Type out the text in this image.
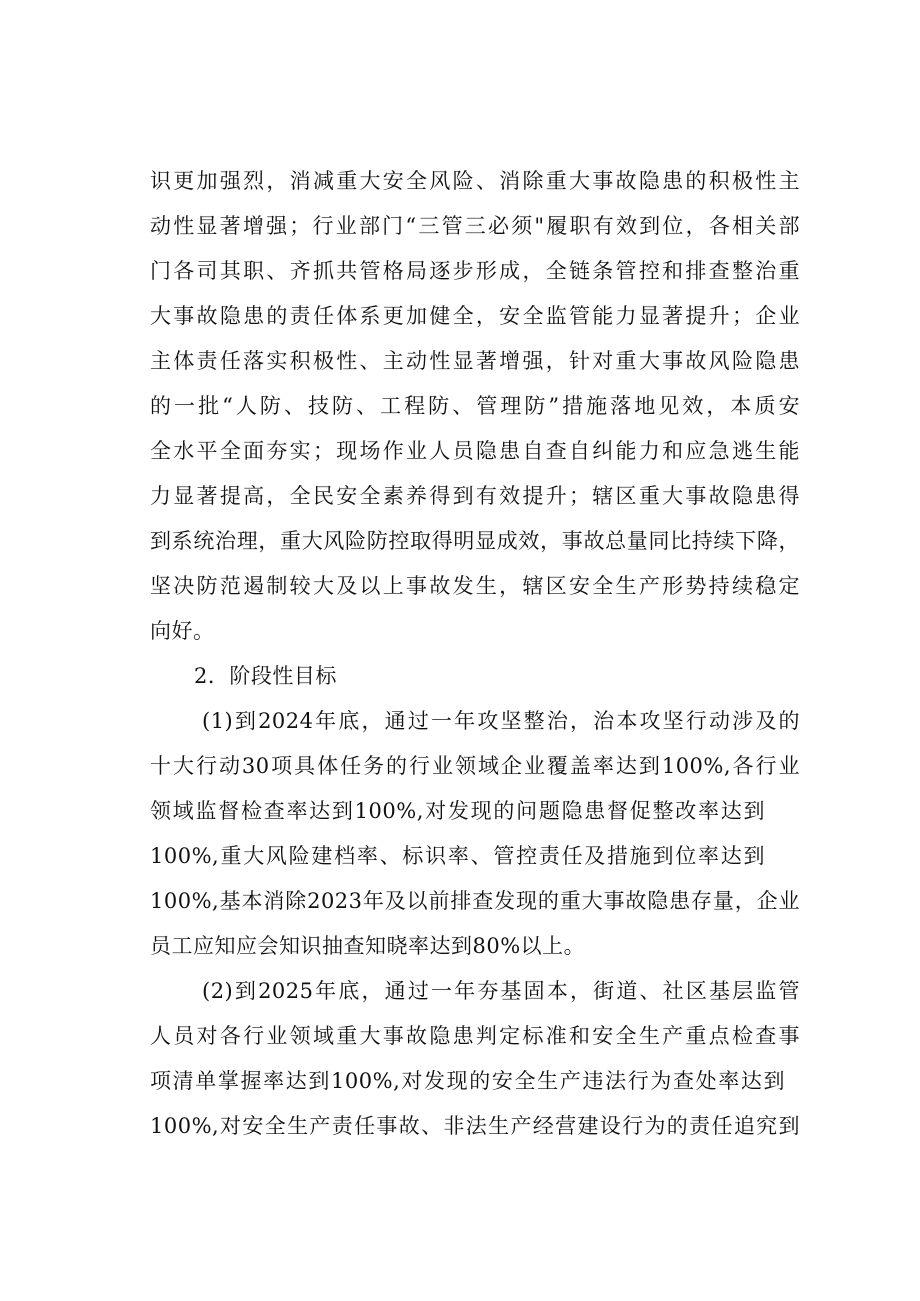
识更加强烈，消减重大安全风险、消除重大事故隐患的积极性主
动性显著增强；行业部门“三管三必须"履职有效到位，各相关部
门各司其职、齐抓共管格局逐步形成，全链条管控和排查整治重
大事故隐患的责任体系更加健全，安全监管能力显著提升；企业
主体责任落实积极性、主动性显著增强，针对重大事故风险隐患
的一批“人防、技防、工程防、管理防”措施落地见效，本质安
全水平全面夯实；现场作业人员隐患自查自纠能力和应急逃生能
力显著提高，全民安全素养得到有效提升；辖区重大事故隐患得
到系统治理，重大风险防控取得明显成效，事故总量同比持续下降，
坚决防范遏制较大及以上事故发生，辖区安全生产形势持续稳定
向好。
2．阶段性目标
(1)到2024年底，通过一年攻坚整治，治本攻坚行动涉及的
十大行动30项具体任务的行业领域企业覆盖率达到100%,各行业
领域监督检查率达到100%,对发现的问题隐患督促整改率达到
100%,重大风险建档率、标识率、管控责任及措施到位率达到
100%,基本消除2023年及以前排查发现的重大事故隐患存量，企业
员工应知应会知识抽查知晓率达到80%以上。
(2)到2025年底，通过一年夯基固本，街道、社区基层监管
人员对各行业领域重大事故隐患判定标准和安全生产重点检查事
项清单掌握率达到100%,对发现的安全生产违法行为查处率达到
100%,对安全生产责任事故、非法生产经营建设行为的责任追究到
